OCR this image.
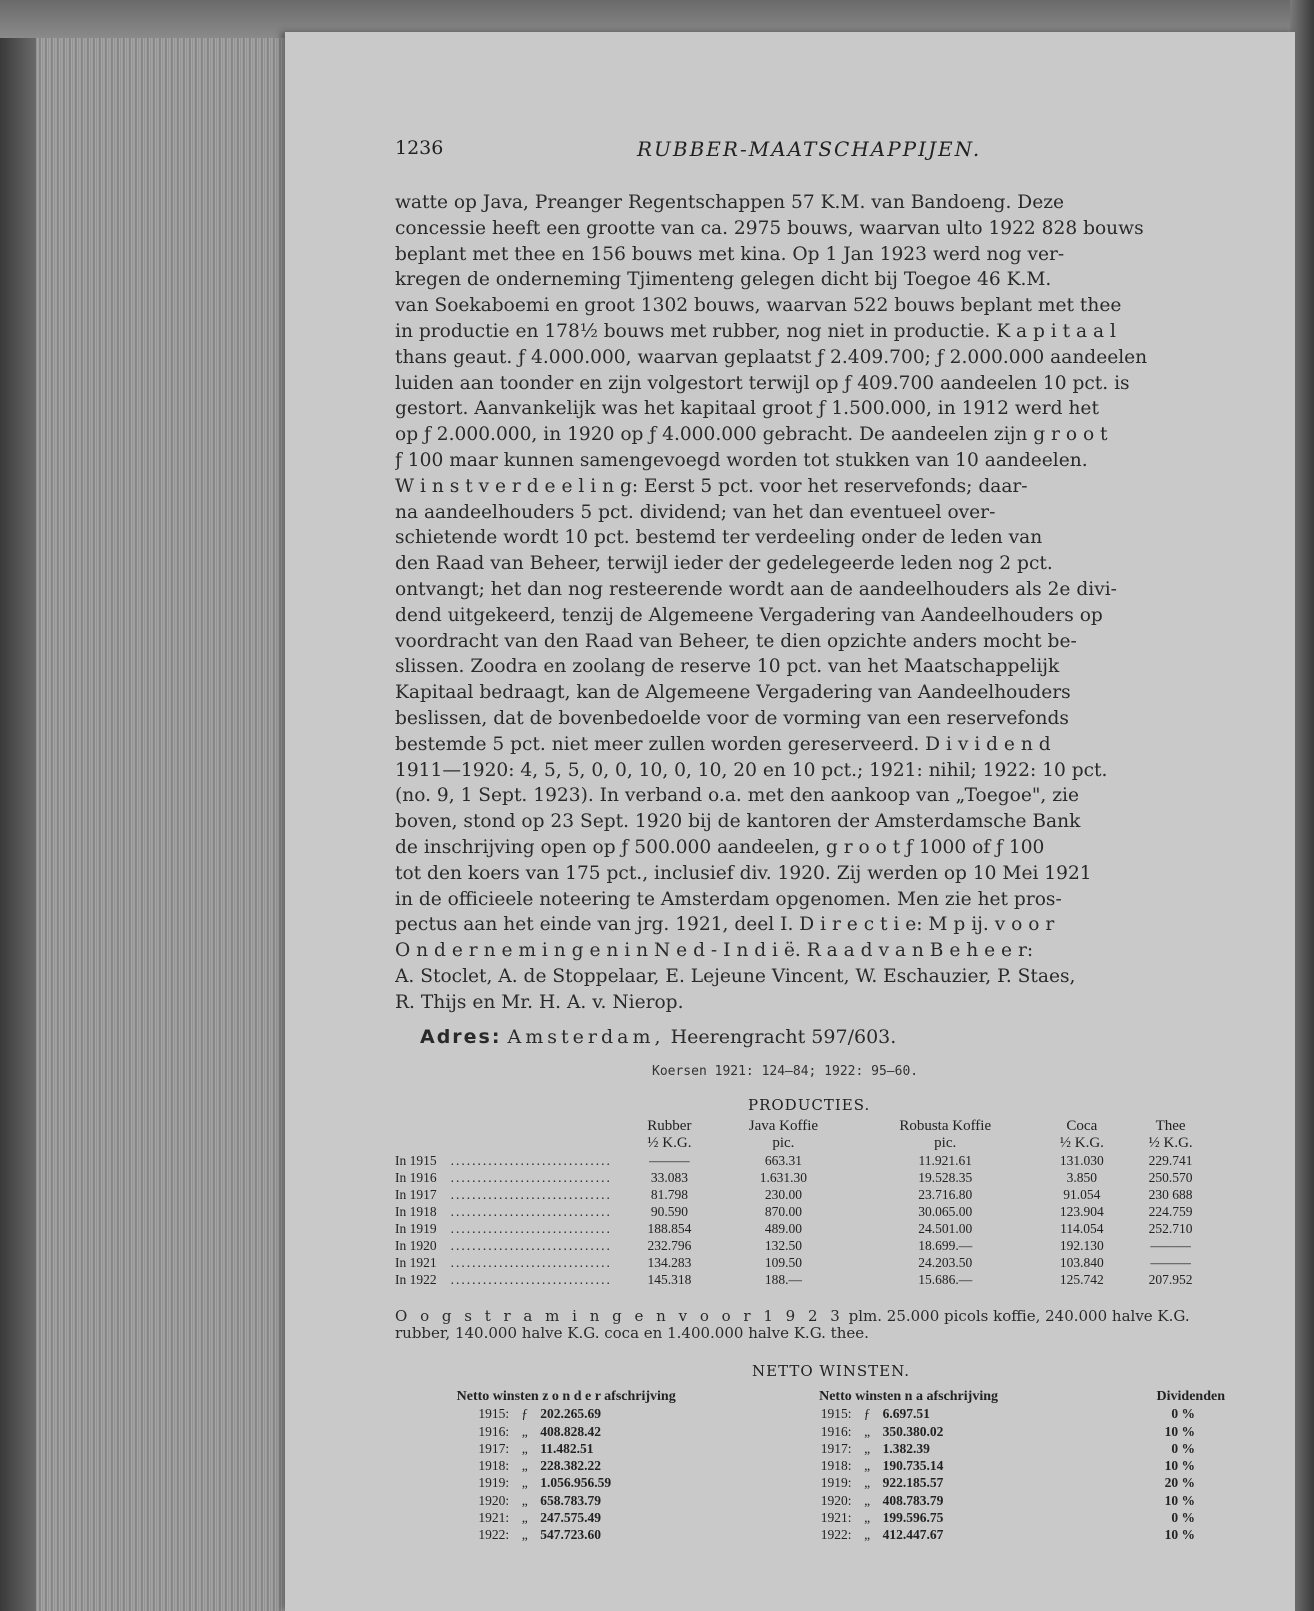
1236	RUBBER-MAATSCHAPPIJEN.

watte op Java, Preanger Regentschappen 57 K.M. van Bandoeng. Deze

concessie heeft een grootte van ca. 2975 bouws, waarvan ulto 1922 828 bouws

beplant met thee en 156 bouws met kina. Op 1 Jan 1923 werd nog ver-

kregen de onderneming Tjimenteng gelegen dicht bij Toegoe 46 K.M.

van Soekaboemi en groot 1302 bouws, waarvan 522 bouws beplant met thee

in productie en 178½ bouws met rubber, nog niet in productie. K a p i t a a l

thans geaut. ƒ 4.000.000, waarvan geplaatst ƒ 2.409.700; ƒ 2.000.000 aandeelen

luiden aan toonder en zijn volgestort terwijl op ƒ 409.700 aandeelen 10 pct. is

gestort. Aanvankelijk was het kapitaal groot ƒ 1.500.000, in 1912 werd het

op ƒ 2.000.000, in 1920 op ƒ 4.000.000 gebracht. De aandeelen zijn g r o o t

ƒ 100 maar kunnen samengevoegd worden tot stukken van 10 aandeelen.

W i n s t v e r d e e l i n g: Eerst 5 pct. voor het reservefonds; daar-

na aandeelhouders 5 pct. dividend; van het dan eventueel over-

schietende wordt 10 pct. bestemd ter verdeeling onder de leden van

den Raad van Beheer, terwijl ieder der gedelegeerde leden nog 2 pct.

ontvangt; het dan nog resteerende wordt aan de aandeelhouders als 2e divi-

dend uitgekeerd, tenzij de Algemeene Vergadering van Aandeelhouders op

voordracht van den Raad van Beheer, te dien opzichte anders mocht be-

slissen. Zoodra en zoolang de reserve 10 pct. van het Maatschappelijk

Kapitaal bedraagt, kan de Algemeene Vergadering van Aandeelhouders

beslissen, dat de bovenbedoelde voor de vorming van een reservefonds

bestemde 5 pct. niet meer zullen worden gereserveerd. D i v i d e n d

1911—1920: 4, 5, 5, 0, 0, 10, 0, 10, 20 en 10 pct.; 1921: nihil; 1922: 10 pct.

(no. 9, 1 Sept. 1923). In verband o.a. met den aankoop van „Toegoe", zie

boven, stond op 23 Sept. 1920 bij de kantoren der Amsterdamsche Bank

de inschrijving open op ƒ 500.000 aandeelen, g r o o t ƒ 1000 of ƒ 100

tot den koers van 175 pct., inclusief div. 1920. Zij werden op 10 Mei 1921

in de officieele noteering te Amsterdam opgenomen. Men zie het pros-

pectus aan het einde van jrg. 1921, deel I. D i r e c t i e: M p ij. v o o r

O n d e r n e m i n g e n i n N e d - I n d i ë. R a a d v a n B e h e e r:

A. Stoclet, A. de Stoppelaar, E. Lejeune Vincent, W. Eschauzier, P. Staes,

R. Thijs en Mr. H. A. v. Nierop.

Adres: Amsterdam, Heerengracht 597/603.
Koersen 1921: 124—84; 1922: 95—60.
PRODUCTIES.
	Rubber	Java Koffie	Robusta Koffie	Coca	Thee
	½ K.G.	pic.	pic.	½ K.G.	½ K.G.
In 1915 ..............................	———	663.31	11.921.61	131.030	229.741
In 1916 ..............................	33.083	1.631.30	19.528.35	3.850	250.570
In 1917 ..............................	81.798	230.00	23.716.80	91.054	230 688
In 1918 ..............................	90.590	870.00	30.065.00	123.904	224.759
In 1919 ..............................	188.854	489.00	24.501.00	114.054	252.710
In 1920 ..............................	232.796	132.50	18.699.—	192.130	———
In 1921 ..............................	134.283	109.50	24.203.50	103.840	———
In 1922 ..............................	145.318	188.—	15.686.—	125.742	207.952
O o g s t r a m i n g e n v o o r 1 9 2 3 plm. 25.000 picols koffie, 240.000 halve K.G.
rubber, 140.000 halve K.G. coca en 1.400.000 halve K.G. thee.
NETTO WINSTEN.
Netto winsten z o n d e r afschrijving			Netto winsten n a afschrijving			Dividenden
1915:	ƒ	202.265.69	1915:	ƒ	6.697.51	0 %
1916:	„	408.828.42	1916:	„	350.380.02	10 %
1917:	„	11.482.51	1917:	„	1.382.39	0 %
1918:	„	228.382.22	1918:	„	190.735.14	10 %
1919:	„	1.056.956.59	1919:	„	922.185.57	20 %
1920:	„	658.783.79	1920:	„	408.783.79	10 %
1921:	„	247.575.49	1921:	„	199.596.75	0 %
1922:	„	547.723.60	1922:	„	412.447.67	10 %
